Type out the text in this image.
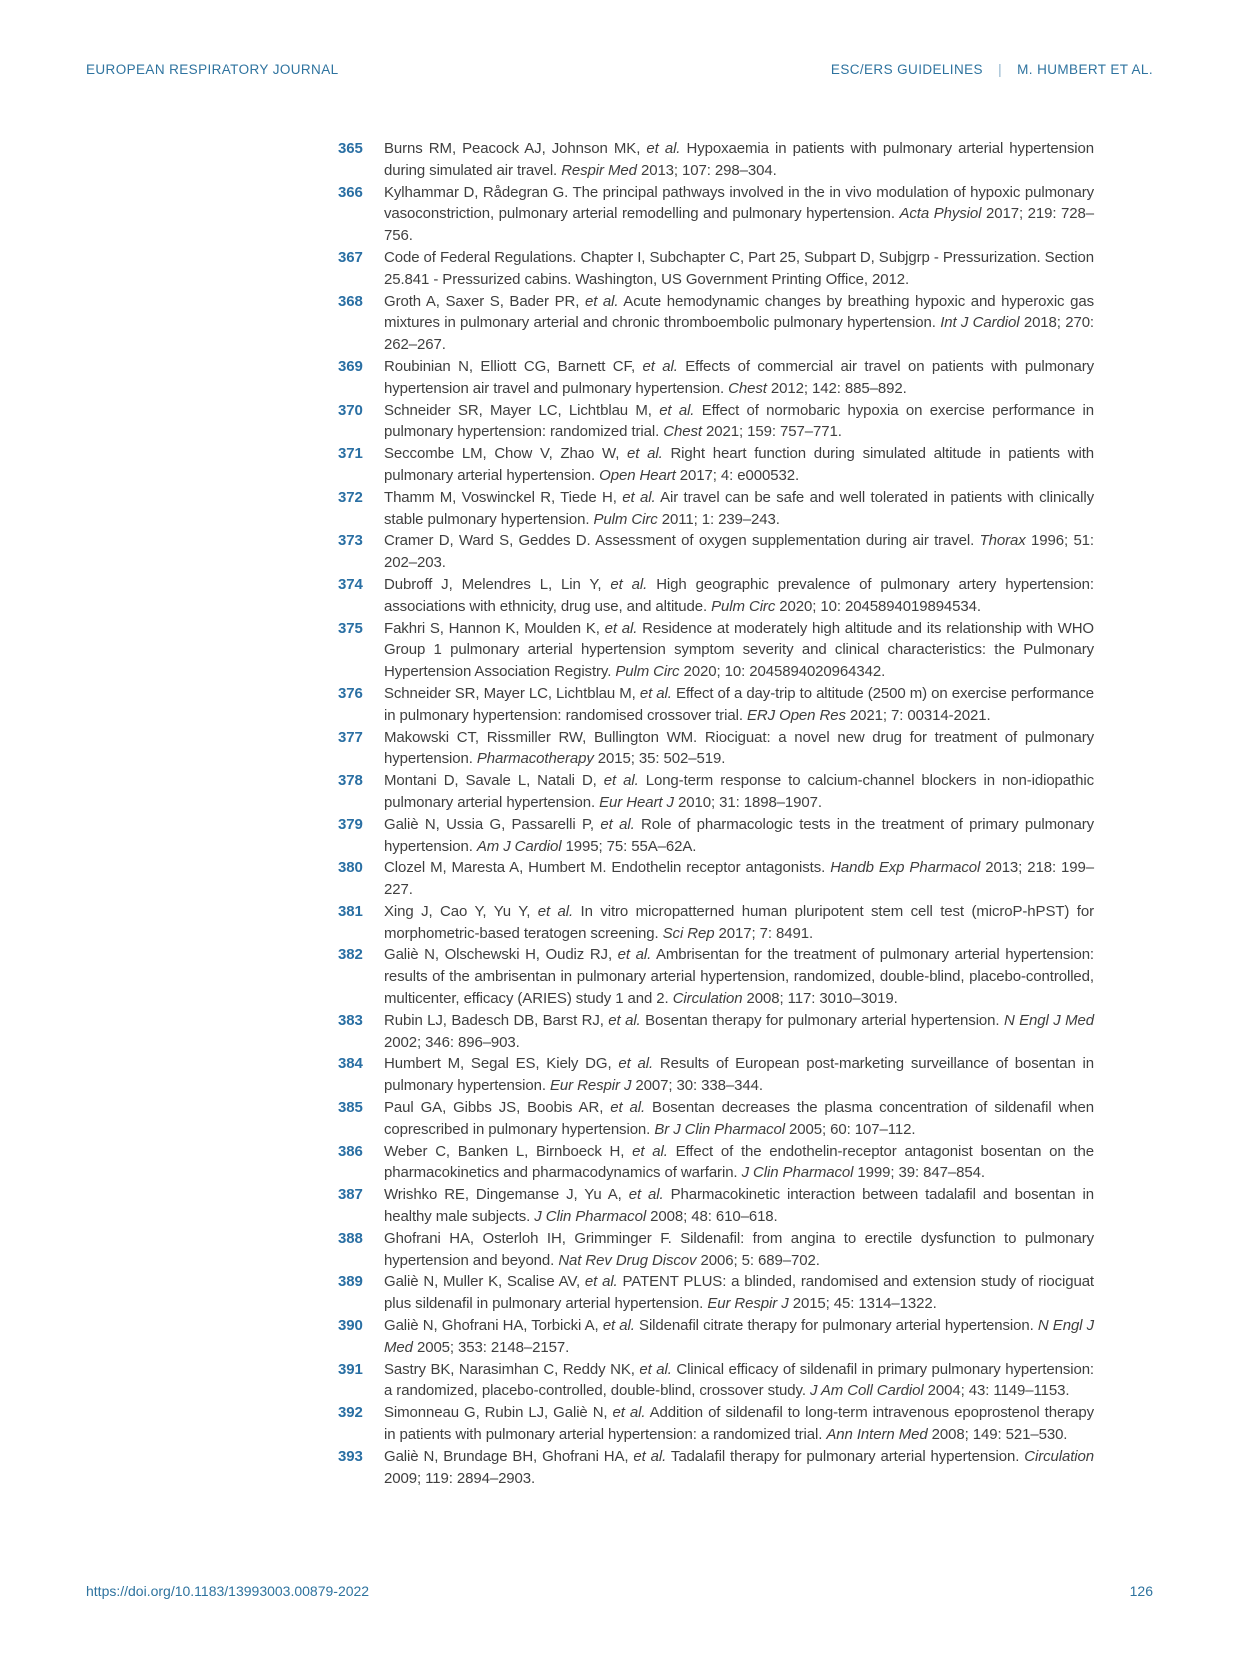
EUROPEAN RESPIRATORY JOURNAL	ESC/ERS GUIDELINES | M. HUMBERT ET AL.
365	Burns RM, Peacock AJ, Johnson MK, et al. Hypoxaemia in patients with pulmonary arterial hypertension during simulated air travel. Respir Med 2013; 107: 298–304.

366	Kylhammar D, Rådegran G. The principal pathways involved in the in vivo modulation of hypoxic pulmonary vasoconstriction, pulmonary arterial remodelling and pulmonary hypertension. Acta Physiol 2017; 219: 728–756.

367	Code of Federal Regulations. Chapter I, Subchapter C, Part 25, Subpart D, Subjgrp - Pressurization. Section 25.841 - Pressurized cabins. Washington, US Government Printing Office, 2012.

368	Groth A, Saxer S, Bader PR, et al. Acute hemodynamic changes by breathing hypoxic and hyperoxic gas mixtures in pulmonary arterial and chronic thromboembolic pulmonary hypertension. Int J Cardiol 2018; 270: 262–267.

369	Roubinian N, Elliott CG, Barnett CF, et al. Effects of commercial air travel on patients with pulmonary hypertension air travel and pulmonary hypertension. Chest 2012; 142: 885–892.

370	Schneider SR, Mayer LC, Lichtblau M, et al. Effect of normobaric hypoxia on exercise performance in pulmonary hypertension: randomized trial. Chest 2021; 159: 757–771.

371	Seccombe LM, Chow V, Zhao W, et al. Right heart function during simulated altitude in patients with pulmonary arterial hypertension. Open Heart 2017; 4: e000532.

372	Thamm M, Voswinckel R, Tiede H, et al. Air travel can be safe and well tolerated in patients with clinically stable pulmonary hypertension. Pulm Circ 2011; 1: 239–243.

373	Cramer D, Ward S, Geddes D. Assessment of oxygen supplementation during air travel. Thorax 1996; 51: 202–203.

374	Dubroff J, Melendres L, Lin Y, et al. High geographic prevalence of pulmonary artery hypertension: associations with ethnicity, drug use, and altitude. Pulm Circ 2020; 10: 2045894019894534.

375	Fakhri S, Hannon K, Moulden K, et al. Residence at moderately high altitude and its relationship with WHO Group 1 pulmonary arterial hypertension symptom severity and clinical characteristics: the Pulmonary Hypertension Association Registry. Pulm Circ 2020; 10: 2045894020964342.

376	Schneider SR, Mayer LC, Lichtblau M, et al. Effect of a day-trip to altitude (2500 m) on exercise performance in pulmonary hypertension: randomised crossover trial. ERJ Open Res 2021; 7: 00314-2021.

377	Makowski CT, Rissmiller RW, Bullington WM. Riociguat: a novel new drug for treatment of pulmonary hypertension. Pharmacotherapy 2015; 35: 502–519.

378	Montani D, Savale L, Natali D, et al. Long-term response to calcium-channel blockers in non-idiopathic pulmonary arterial hypertension. Eur Heart J 2010; 31: 1898–1907.

379	Galiè N, Ussia G, Passarelli P, et al. Role of pharmacologic tests in the treatment of primary pulmonary hypertension. Am J Cardiol 1995; 75: 55A–62A.

380	Clozel M, Maresta A, Humbert M. Endothelin receptor antagonists. Handb Exp Pharmacol 2013; 218: 199–227.

381	Xing J, Cao Y, Yu Y, et al. In vitro micropatterned human pluripotent stem cell test (microP-hPST) for morphometric-based teratogen screening. Sci Rep 2017; 7: 8491.

382	Galiè N, Olschewski H, Oudiz RJ, et al. Ambrisentan for the treatment of pulmonary arterial hypertension: results of the ambrisentan in pulmonary arterial hypertension, randomized, double-blind, placebo-controlled, multicenter, efficacy (ARIES) study 1 and 2. Circulation 2008; 117: 3010–3019.

383	Rubin LJ, Badesch DB, Barst RJ, et al. Bosentan therapy for pulmonary arterial hypertension. N Engl J Med 2002; 346: 896–903.

384	Humbert M, Segal ES, Kiely DG, et al. Results of European post-marketing surveillance of bosentan in pulmonary hypertension. Eur Respir J 2007; 30: 338–344.

385	Paul GA, Gibbs JS, Boobis AR, et al. Bosentan decreases the plasma concentration of sildenafil when coprescribed in pulmonary hypertension. Br J Clin Pharmacol 2005; 60: 107–112.

386	Weber C, Banken L, Birnboeck H, et al. Effect of the endothelin-receptor antagonist bosentan on the pharmacokinetics and pharmacodynamics of warfarin. J Clin Pharmacol 1999; 39: 847–854.

387	Wrishko RE, Dingemanse J, Yu A, et al. Pharmacokinetic interaction between tadalafil and bosentan in healthy male subjects. J Clin Pharmacol 2008; 48: 610–618.

388	Ghofrani HA, Osterloh IH, Grimminger F. Sildenafil: from angina to erectile dysfunction to pulmonary hypertension and beyond. Nat Rev Drug Discov 2006; 5: 689–702.

389	Galiè N, Muller K, Scalise AV, et al. PATENT PLUS: a blinded, randomised and extension study of riociguat plus sildenafil in pulmonary arterial hypertension. Eur Respir J 2015; 45: 1314–1322.

390	Galiè N, Ghofrani HA, Torbicki A, et al. Sildenafil citrate therapy for pulmonary arterial hypertension. N Engl J Med 2005; 353: 2148–2157.

391	Sastry BK, Narasimhan C, Reddy NK, et al. Clinical efficacy of sildenafil in primary pulmonary hypertension: a randomized, placebo-controlled, double-blind, crossover study. J Am Coll Cardiol 2004; 43: 1149–1153.

392	Simonneau G, Rubin LJ, Galiè N, et al. Addition of sildenafil to long-term intravenous epoprostenol therapy in patients with pulmonary arterial hypertension: a randomized trial. Ann Intern Med 2008; 149: 521–530.

393	Galiè N, Brundage BH, Ghofrani HA, et al. Tadalafil therapy for pulmonary arterial hypertension. Circulation 2009; 119: 2894–2903.

https://doi.org/10.1183/13993003.00879-2022	126
